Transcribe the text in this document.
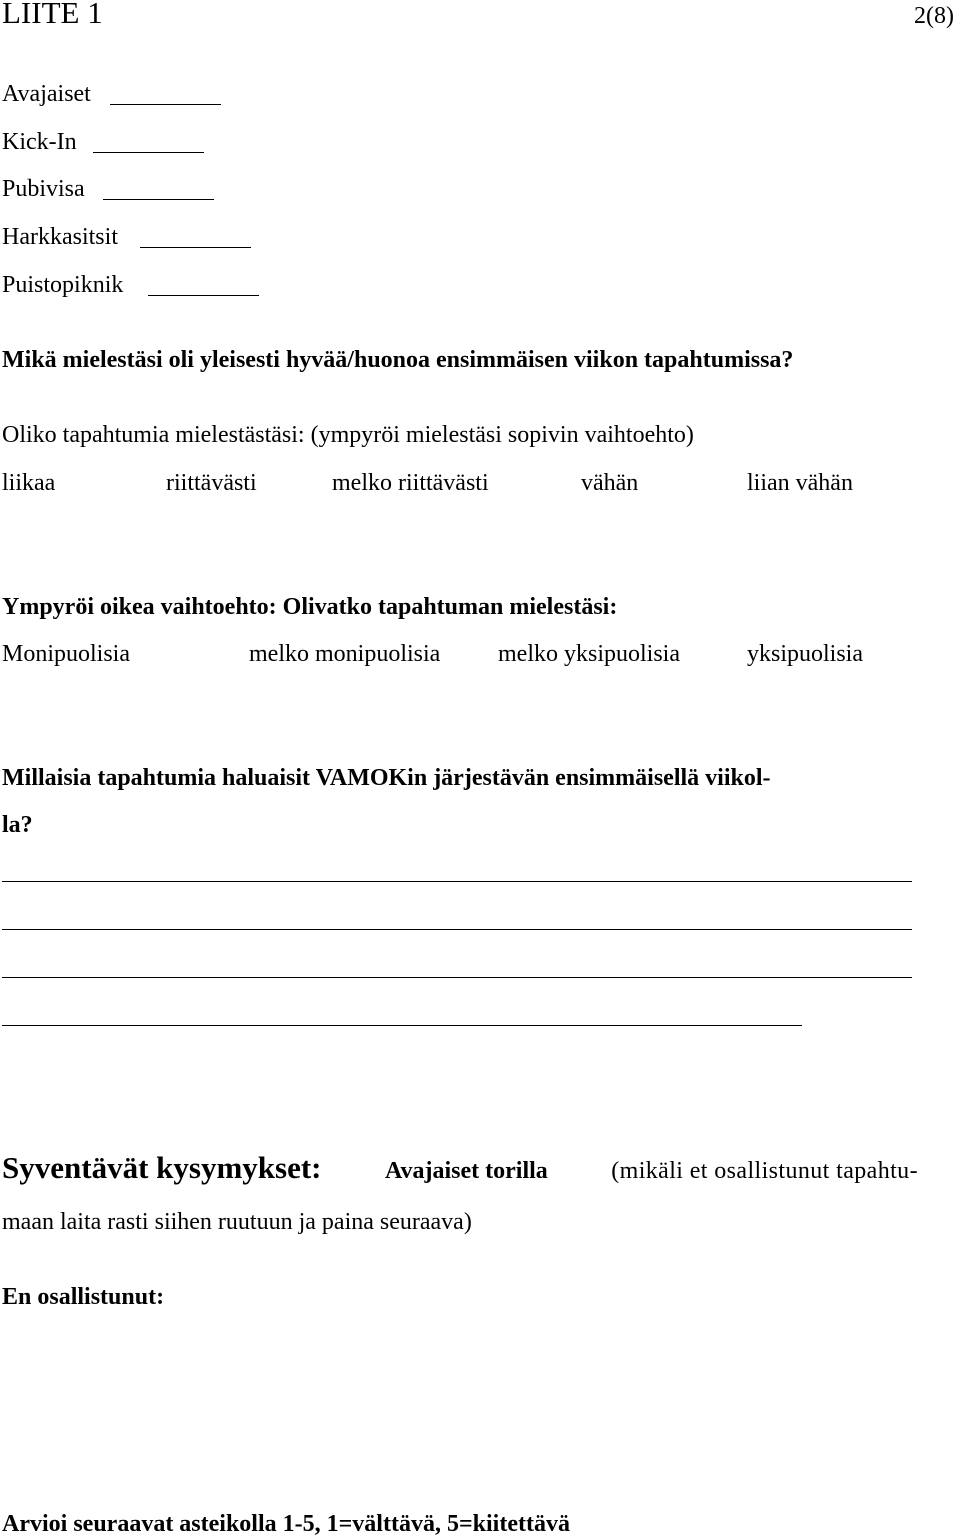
LIITE 1	2(8)
Avajaiset
Kick-In
Pubivisa
Harkkasitsit
Puistopiknik
Mikä mielestäsi oli yleisesti hyvää/huonoa ensimmäisen viikon tapahtumissa?
Oliko tapahtumia mielestästäsi: (ympyröi mielestäsi sopivin vaihtoehto)
liikaa	riittävästi	melko riittävästi	vähän	liian vähän
Ympyröi oikea vaihtoehto: Olivatko tapahtuman mielestäsi:
Monipuolisia	melko monipuolisia melko yksipuolisia	yksipuolisia
Millaisia tapahtumia haluaisit VAMOKin järjestävän ensimmäisellä viikol-
la?
Syventävät kysymykset:	Avajaiset torilla	(mikäli et osallistunut tapahtu-
maan laita rasti siihen ruutuun ja paina seuraava)
En osallistunut:
Arvioi seuraavat asteikolla 1-5, 1=välttävä, 5=kiitettävä
